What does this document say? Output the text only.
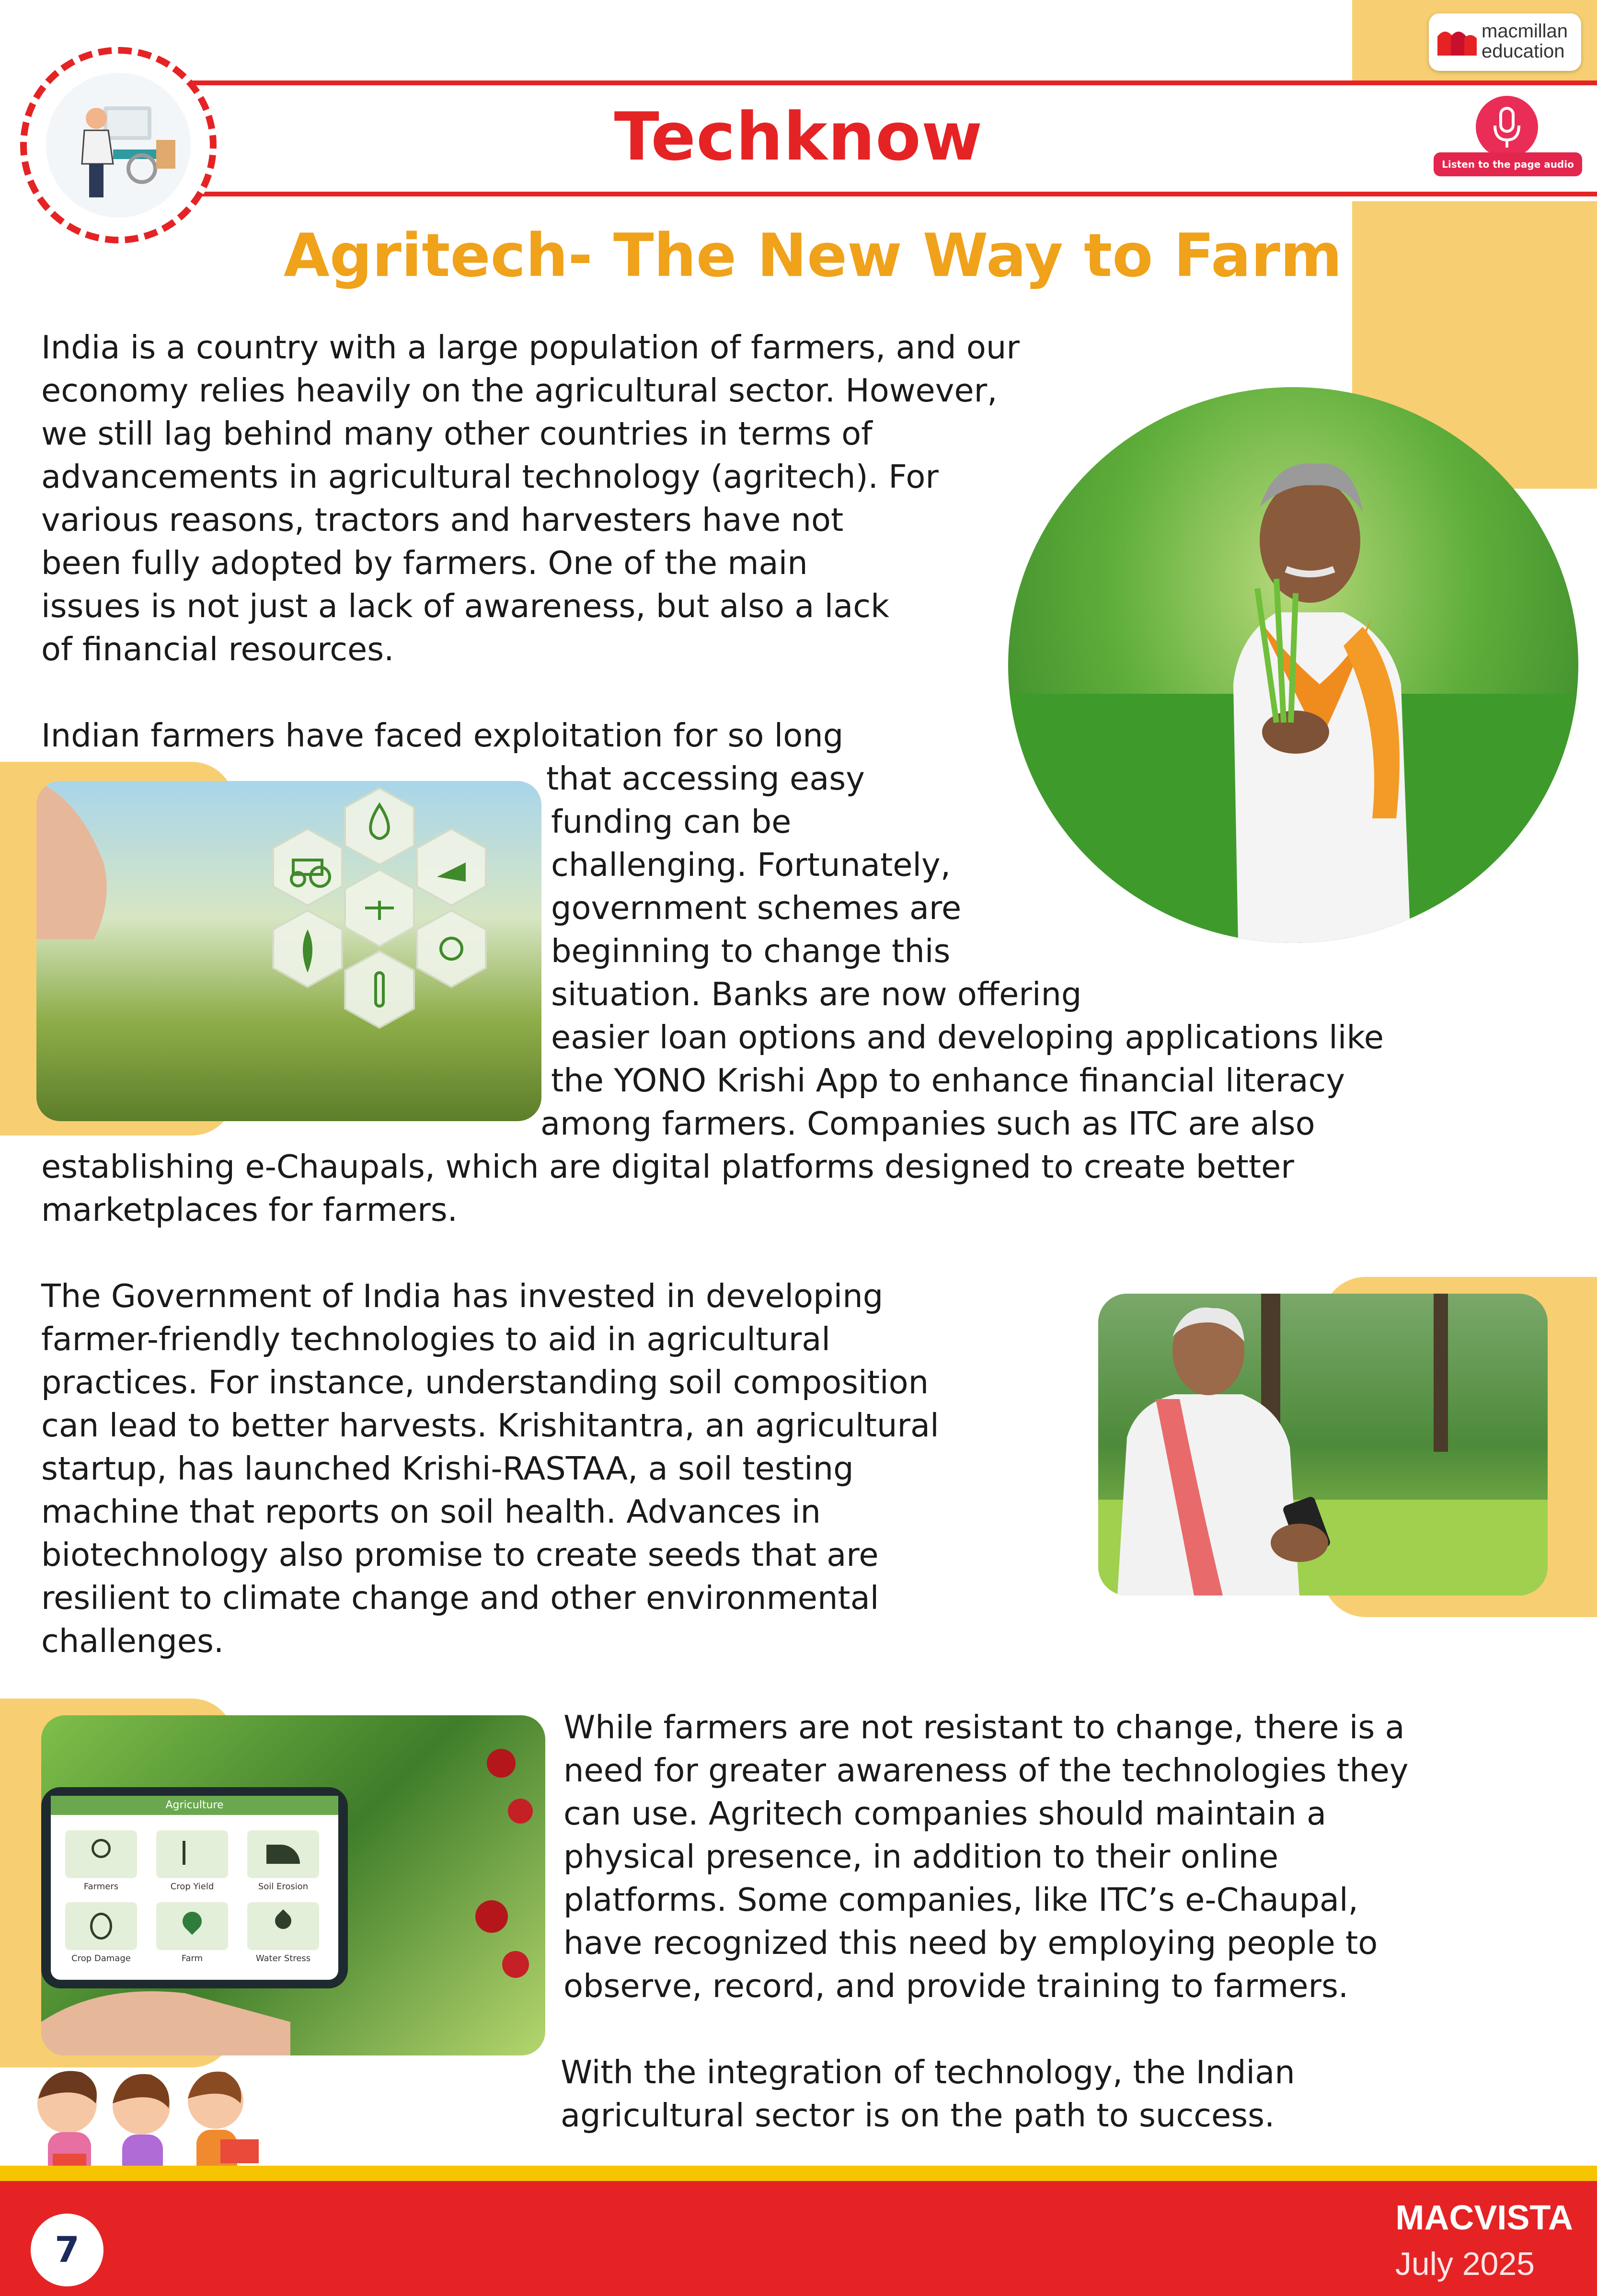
Techknow
macmillan
education
Listen to the page audio
Agritech- The New Way to Farm
India is a country with a large population of farmers, and our
economy relies heavily on the agricultural sector. However,
we still lag behind many other countries in terms of
advancements in agricultural technology (agritech). For
various reasons, tractors and harvesters have not
been fully adopted by farmers. One of the main
issues is not just a lack of awareness, but also a lack
of financial resources.
Indian farmers have faced exploitation for so long
that accessing easy
funding can be
challenging. Fortunately,
government schemes are
beginning to change this
situation. Banks are now offering
easier loan options and developing applications like
the YONO Krishi App to enhance financial literacy
among farmers. Companies such as ITC are also
establishing e-Chaupals, which are digital platforms designed to create better
marketplaces for farmers.
The Government of India has invested in developing
farmer-friendly technologies to aid in agricultural
practices. For instance, understanding soil composition
can lead to better harvests. Krishitantra, an agricultural
startup, has launched Krishi-RASTAA, a soil testing
machine that reports on soil health. Advances in
biotechnology also promise to create seeds that are
resilient to climate change and other environmental
challenges.
Agriculture
Farmers	Crop Yield	Soil Erosion
Crop Damage	Farm	Water Stress
While farmers are not resistant to change, there is a
need for greater awareness of the technologies they
can use. Agritech companies should maintain a
physical presence, in addition to their online
platforms. Some companies, like ITC’s e-Chaupal,
have recognized this need by employing people to
observe, record, and provide training to farmers.
With the integration of technology, the Indian
agricultural sector is on the path to success.
7
MACVISTA
July 2025
